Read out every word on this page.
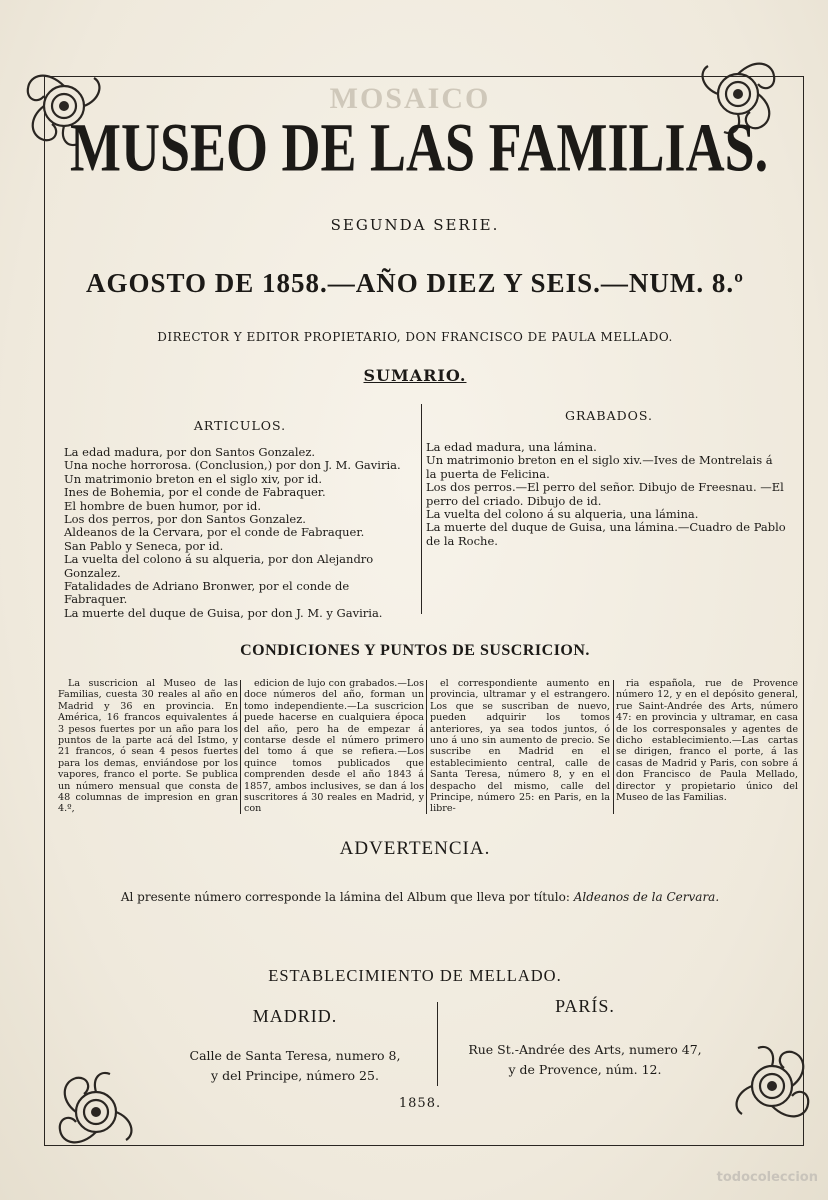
MOSAICO
MUSEO DE LAS FAMILIAS.
SEGUNDA SERIE.
AGOSTO DE 1858.—AÑO DIEZ Y SEIS.—NUM. 8.º
DIRECTOR Y EDITOR PROPIETARIO, DON FRANCISCO DE PAULA MELLADO.
SUMARIO.
ARTICULOS.
GRABADOS.
La edad madura, por don Santos Gonzalez.
Una noche horrorosa. (Conclusion,) por don J. M. Gaviria.
Un matrimonio breton en el siglo xiv, por id.
Ines de Bohemia, por el conde de Fabraquer.
El hombre de buen humor, por id.
Los dos perros, por don Santos Gonzalez.
Aldeanos de la Cervara, por el conde de Fabraquer.
San Pablo y Seneca, por id.
La vuelta del colono á su alqueria, por don Alejandro Gonzalez.
Fatalidades de Adriano Bronwer, por el conde de Fabraquer.
La muerte del duque de Guisa, por don J. M. y Gaviria.
La edad madura, una lámina.
Un matrimonio breton en el siglo xiv.—Ives de Montrelais á la puerta de Felicina.
Los dos perros.—El perro del señor. Dibujo de Freesnau. —El perro del criado. Dibujo de id.
La vuelta del colono á su alqueria, una lámina.
La muerte del duque de Guisa, una lámina.—Cuadro de Pablo de la Roche.
CONDICIONES Y PUNTOS DE SUSCRICION.

La suscricion al Museo de las Familias, cuesta 30 reales al año en Madrid y 36 en provincia. En América, 16 francos equivalentes á 3 pesos fuertes por un año para los puntos de la parte acá del Istmo, y 21 francos, ó sean 4 pesos fuertes para los demas, enviándose por los vapores, franco el porte. Se publica un número mensual que consta de 48 columnas de impresion en gran 4.º,

edicion de lujo con grabados.—Los doce números del año, forman un tomo independiente.—La suscricion puede hacerse en cualquiera época del año, pero ha de empezar á contarse desde el número primero del tomo á que se refiera.—Los quince tomos publicados que comprenden desde el año 1843 á 1857, ambos inclusives, se dan á los suscritores á 30 reales en Madrid, y con

el correspondiente aumento en provincia, ultramar y el estrangero. Los que se suscriban de nuevo, pueden adquirir los tomos anteriores, ya sea todos juntos, ó uno á uno sin aumento de precio. Se suscribe en Madrid en el establecimiento central, calle de Santa Teresa, número 8, y en el despacho del mismo, calle del Principe, número 25: en Paris, en la libre-

ria española, rue de Provence número 12, y en el depósito general, rue Saint-Andrée des Arts, número 47: en provincia y ultramar, en casa de los corresponsales y agentes de dicho establecimiento.—Las cartas se dirigen, franco el porte, á las casas de Madrid y Paris, con sobre á don Francisco de Paula Mellado, director y propietario único del Museo de las Familias.

ADVERTENCIA.
Al presente número corresponde la lámina del Album que lleva por título: Aldeanos de la Cervara.
ESTABLECIMIENTO DE MELLADO.
MADRID.	PARÍS.
Calle de Santa Teresa, numero 8,
y del Principe, número 25.
Rue St.-Andrée des Arts, numero 47,
y de Provence, núm. 12.
1858.
todocoleccion
